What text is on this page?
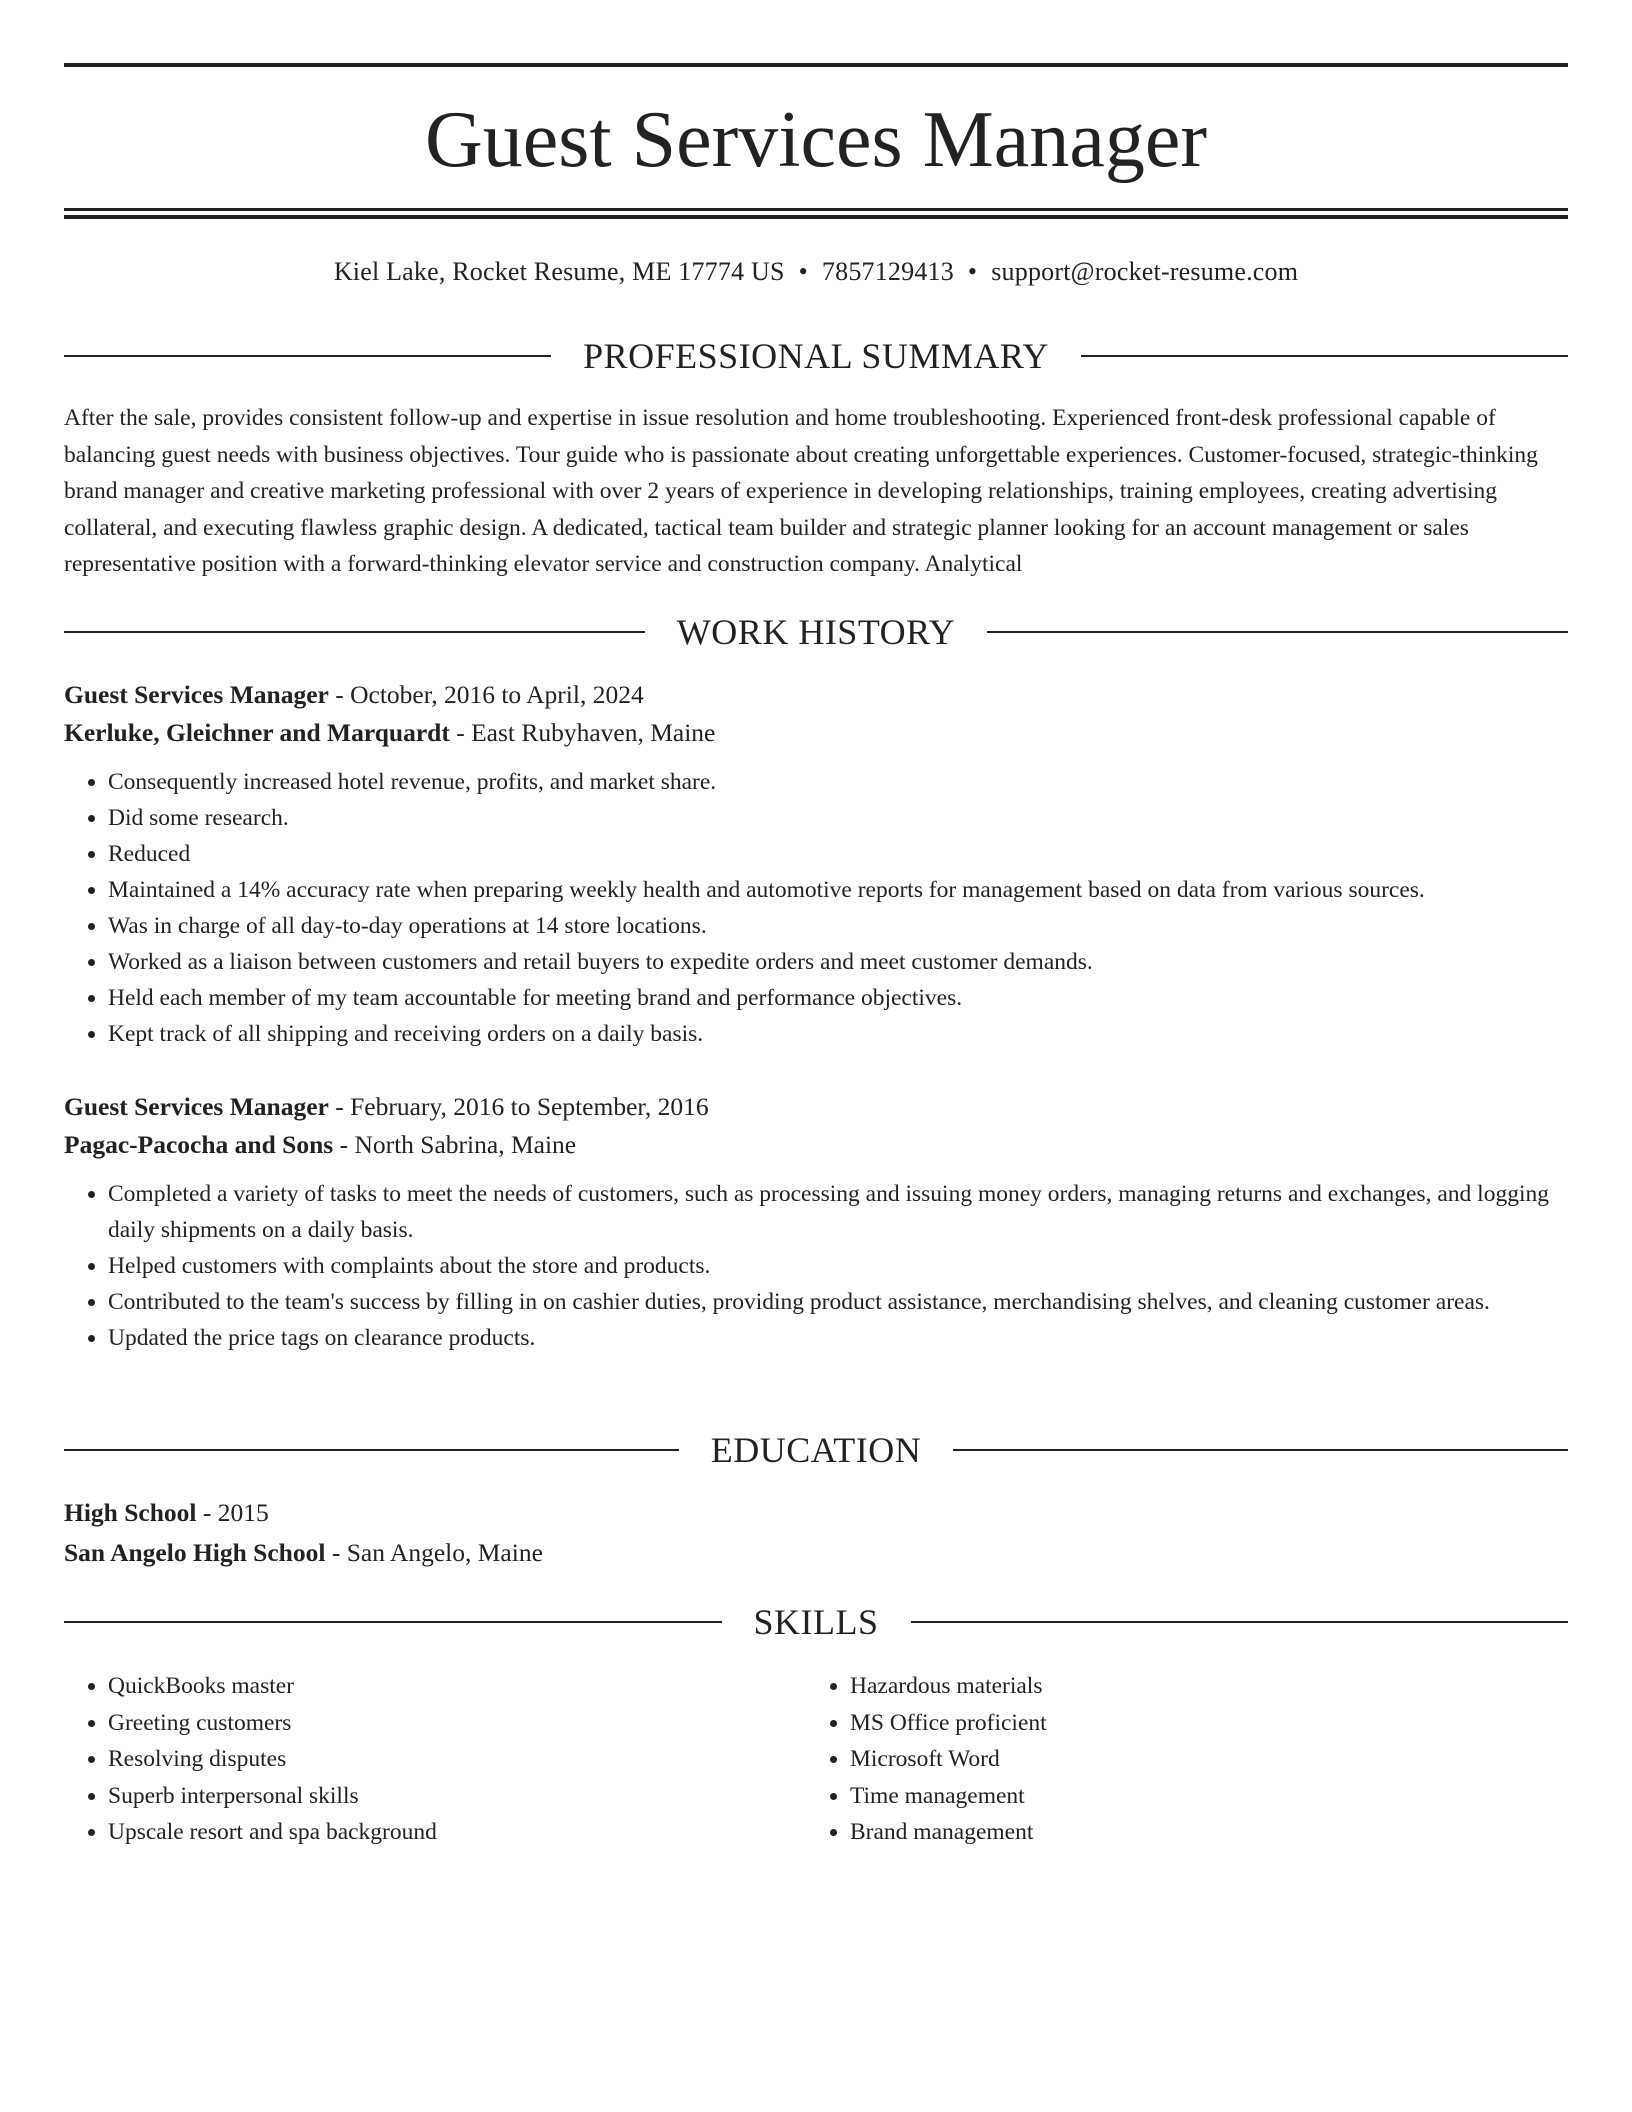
Guest Services Manager
Kiel Lake, Rocket Resume, ME 17774 US • 7857129413 • support@rocket-resume.com
PROFESSIONAL SUMMARY

After the sale, provides consistent follow-up and expertise in issue resolution and home troubleshooting. Experienced front-desk professional capable of balancing guest needs with business objectives. Tour guide who is passionate about creating unforgettable experiences. Customer-focused, strategic-thinking brand manager and creative marketing professional with over 2 years of experience in developing relationships, training employees, creating advertising collateral, and executing flawless graphic design. A dedicated, tactical team builder and strategic planner looking for an account management or sales representative position with a forward-thinking elevator service and construction company. Analytical

WORK HISTORY
Guest Services Manager - October, 2016 to April, 2024
Kerluke, Gleichner and Marquardt - East Rubyhaven, Maine
• Consequently increased hotel revenue, profits, and market share.
• Did some research.
• Reduced
• Maintained a 14% accuracy rate when preparing weekly health and automotive reports for management based on data from various sources.
• Was in charge of all day-to-day operations at 14 store locations.
• Worked as a liaison between customers and retail buyers to expedite orders and meet customer demands.
• Held each member of my team accountable for meeting brand and performance objectives.
• Kept track of all shipping and receiving orders on a daily basis.
Guest Services Manager - February, 2016 to September, 2016
Pagac-Pacocha and Sons - North Sabrina, Maine
• Completed a variety of tasks to meet the needs of customers, such as processing and issuing money orders, managing returns and exchanges, and logging daily shipments on a daily basis.
• Helped customers with complaints about the store and products.
• Contributed to the team's success by filling in on cashier duties, providing product assistance, merchandising shelves, and cleaning customer areas.
• Updated the price tags on clearance products.
EDUCATION
High School - 2015
San Angelo High School - San Angelo, Maine
SKILLS
• QuickBooks master
• Greeting customers
• Resolving disputes
• Superb interpersonal skills
• Upscale resort and spa background
• Hazardous materials
• MS Office proficient
• Microsoft Word
• Time management
• Brand management
